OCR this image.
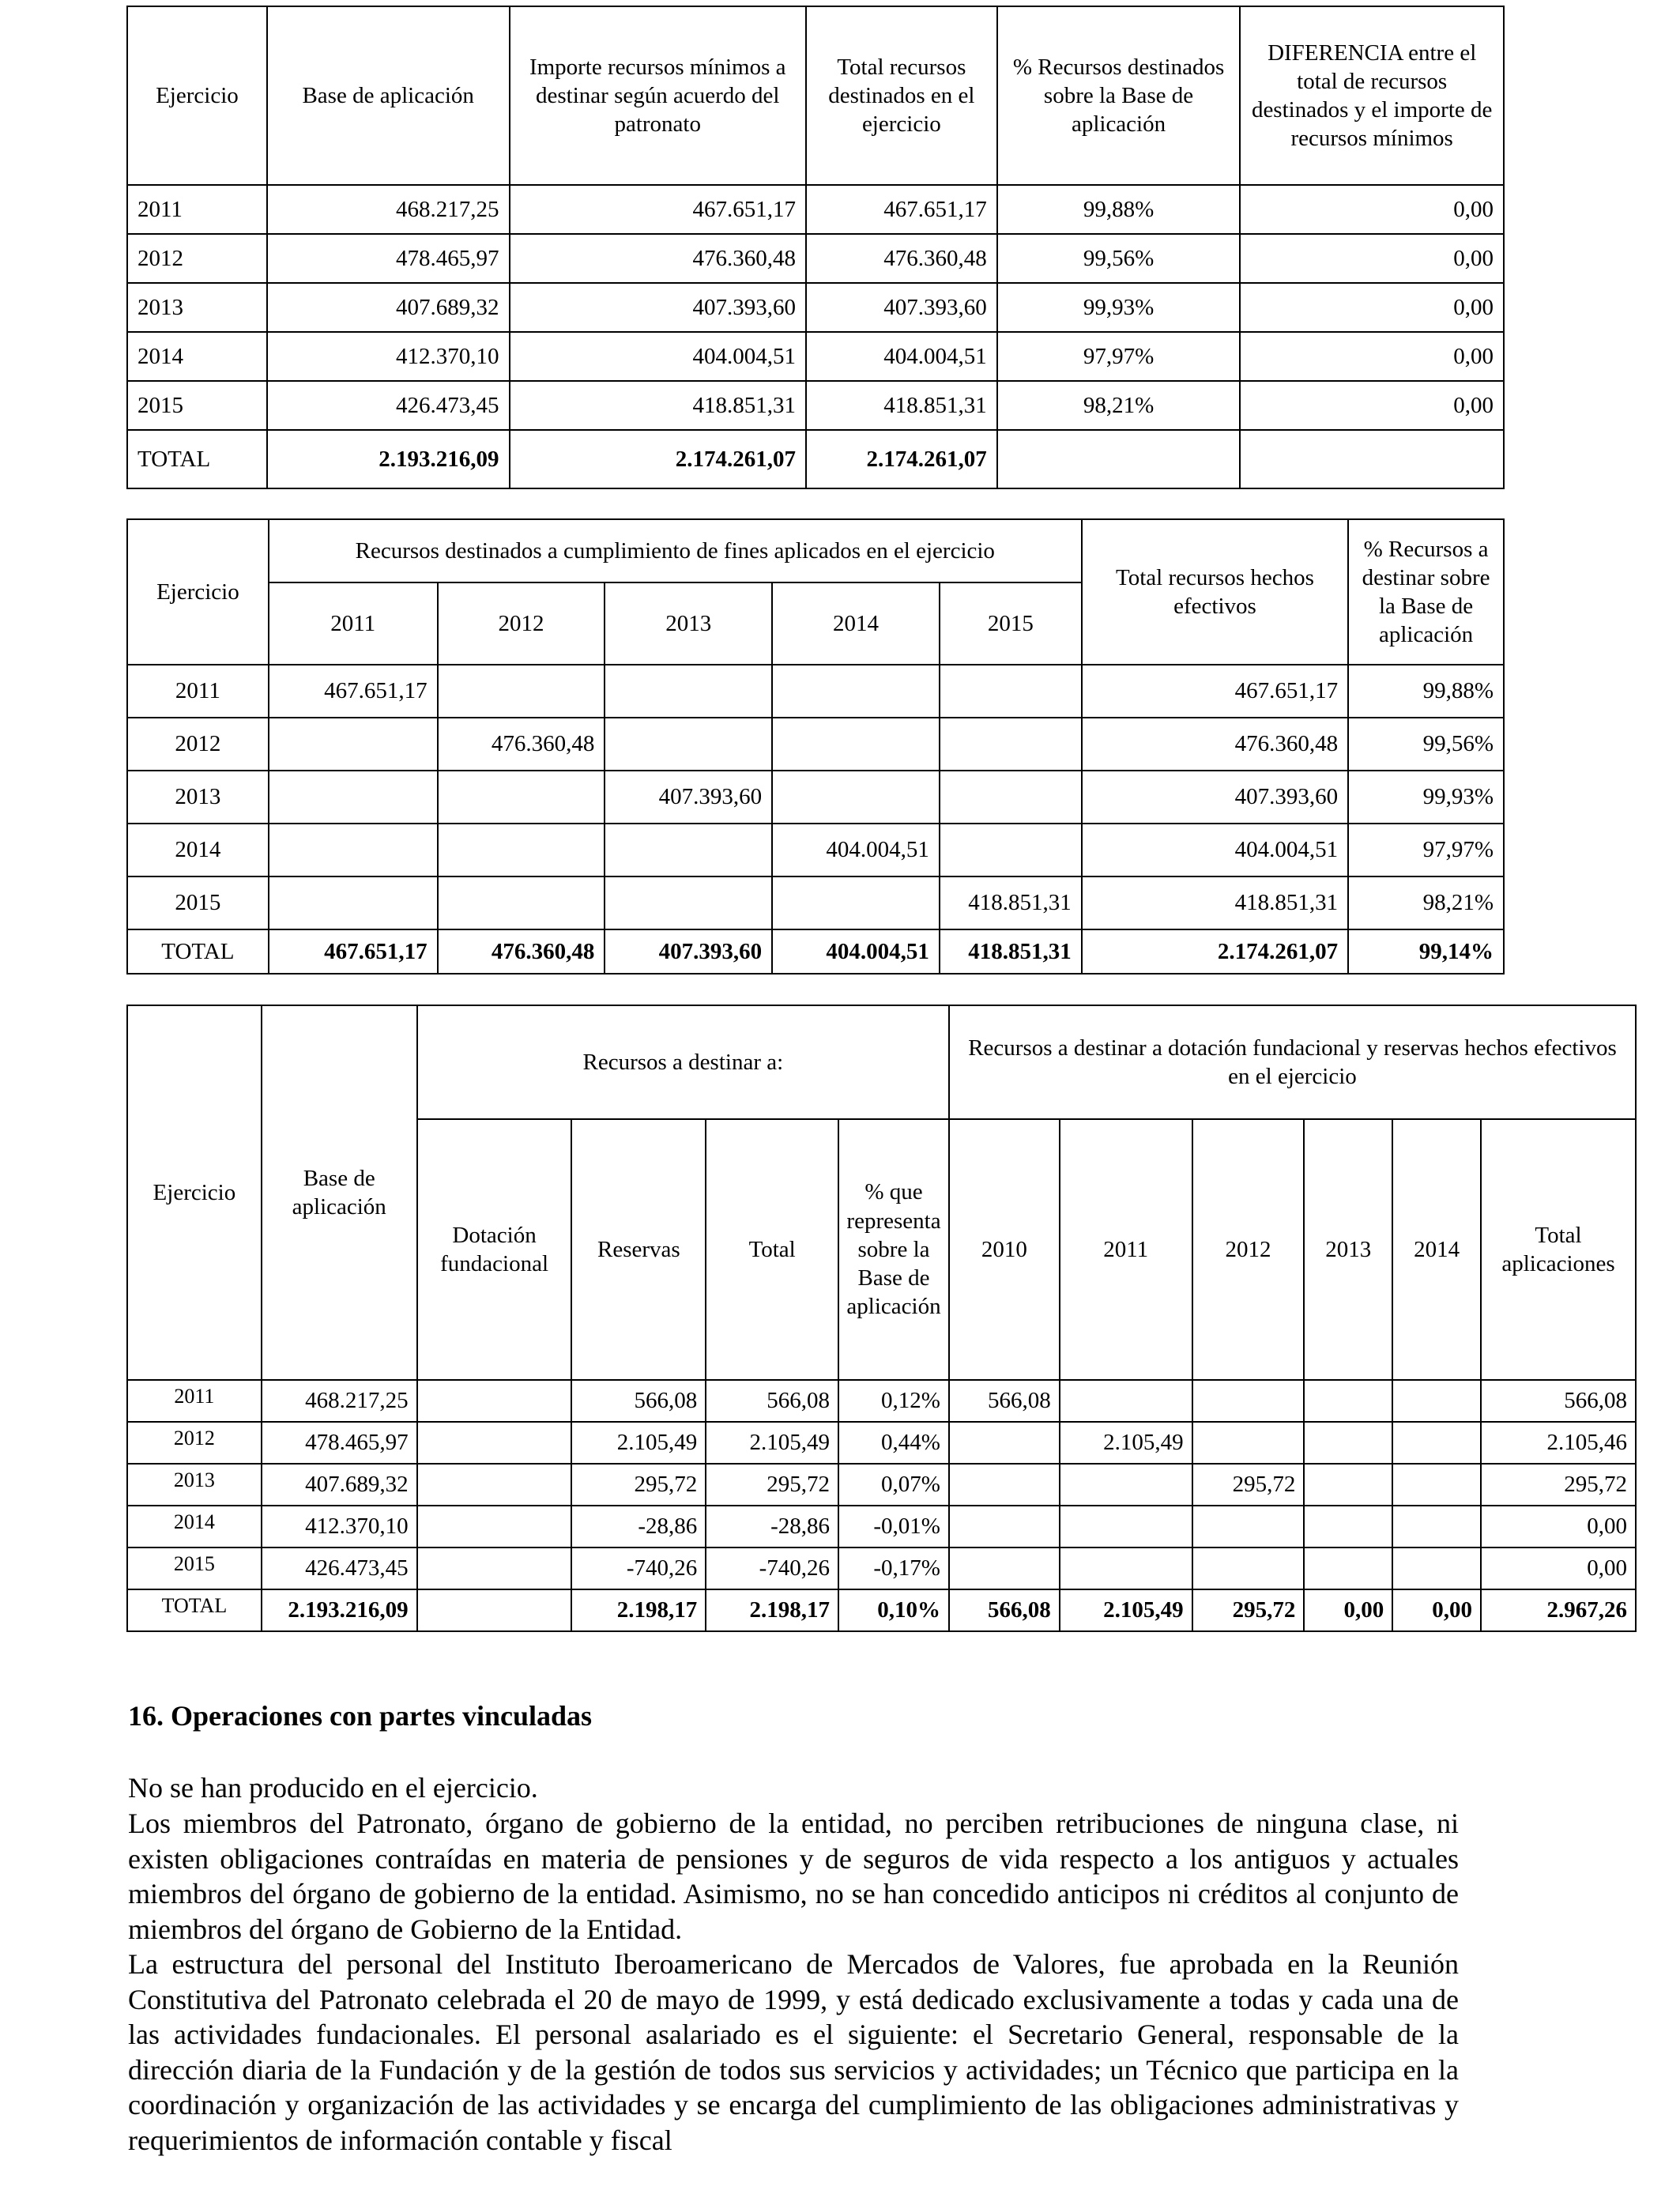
Ejercicio	Base de aplicación	Importe recursos mínimos a destinar según acuerdo del patronato	Total recursos destinados en el ejercicio	% Recursos destinados sobre la Base de aplicación	DIFERENCIA entre el total de recursos destinados y el importe de recursos mínimos
2011	468.217,25	467.651,17	467.651,17	99,88%	0,00
2012	478.465,97	476.360,48	476.360,48	99,56%	0,00
2013	407.689,32	407.393,60	407.393,60	99,93%	0,00
2014	412.370,10	404.004,51	404.004,51	97,97%	0,00
2015	426.473,45	418.851,31	418.851,31	98,21%	0,00
TOTAL	2.193.216,09	2.174.261,07	2.174.261,07		
Ejercicio	Recursos destinados a cumplimiento de fines aplicados en el ejercicio					Total recursos hechos efectivos	% Recursos a destinar sobre la Base de aplicación
	2011	2012	2013	2014	2015		
2011	467.651,17					467.651,17	99,88%
2012		476.360,48				476.360,48	99,56%
2013			407.393,60			407.393,60	99,93%
2014				404.004,51		404.004,51	97,97%
2015					418.851,31	418.851,31	98,21%
TOTAL	467.651,17	476.360,48	407.393,60	404.004,51	418.851,31	2.174.261,07	99,14%
Ejercicio	Base de aplicación	Recursos a destinar a:				Recursos a destinar a dotación fundacional y reservas hechos efectivos en el ejercicio					
		Dotación fundacional	Reservas	Total	% que representa sobre la Base de aplicación	2010	2011	2012	2013	2014	Total aplicaciones
2011	468.217,25		566,08	566,08	0,12%	566,08					566,08
2012	478.465,97		2.105,49	2.105,49	0,44%		2.105,49				2.105,46
2013	407.689,32		295,72	295,72	0,07%			295,72			295,72
2014	412.370,10		-28,86	-28,86	-0,01%						0,00
2015	426.473,45		-740,26	-740,26	-0,17%						0,00
TOTAL	2.193.216,09		2.198,17	2.198,17	0,10%	566,08	2.105,49	295,72	0,00	0,00	2.967,26
16. Operaciones con partes vinculadas

No se han producido en el ejercicio.

Los miembros del Patronato, órgano de gobierno de la entidad, no perciben retribuciones de ninguna clase, ni existen obligaciones contraídas en materia de pensiones y de seguros de vida respecto a los antiguos y actuales miembros del órgano de gobierno de la entidad. Asimismo, no se han concedido anticipos ni créditos al conjunto de miembros del órgano de Gobierno de la Entidad.

La estructura del personal del Instituto Iberoamericano de Mercados de Valores, fue aprobada en la Reunión Constitutiva del Patronato celebrada el 20 de mayo de 1999, y está dedicado exclusivamente a todas y cada una de las actividades fundacionales. El personal asalariado es el siguiente: el Secretario General, responsable de la dirección diaria de la Fundación y de la gestión de todos sus servicios y actividades; un Técnico que participa en la coordinación y organización de las actividades y se encarga del cumplimiento de las obligaciones administrativas y requerimientos de información contable y fiscal
